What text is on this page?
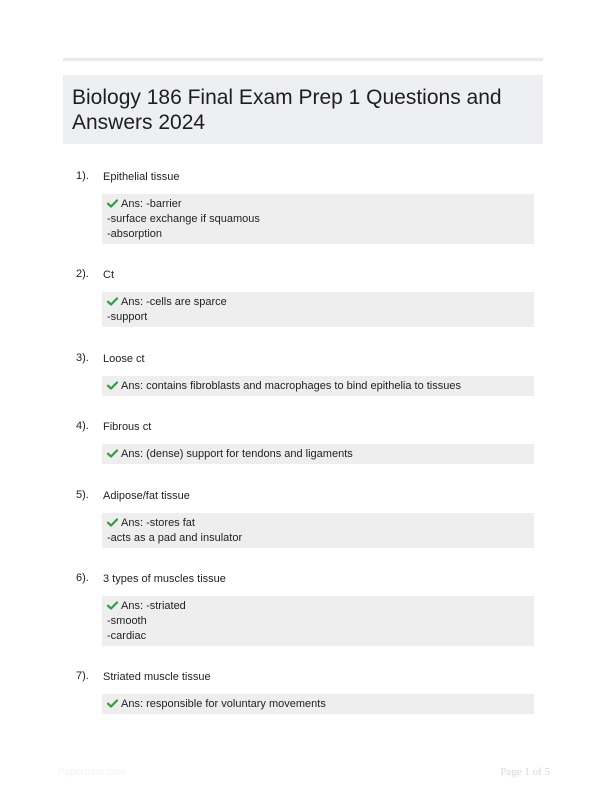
Biology 186 Final Exam Prep 1 Questions and Answers 2024
1). Epithelial tissue
Ans: -barrier
-surface exchange if squamous
-absorption
2). Ct
Ans: -cells are sparce
-support
3). Loose ct
Ans: contains fibroblasts and macrophages to bind epithelia to tissues
4). Fibrous ct
Ans: (dense) support for tendons and ligaments
5). Adipose/fat tissue
Ans: -stores fat
-acts as a pad and insulator
6). 3 types of muscles tissue
Ans: -striated
-smooth
-cardiac
7). Striated muscle tissue
Ans: responsible for voluntary movements
Papertutor.com	Page 1 of 5
